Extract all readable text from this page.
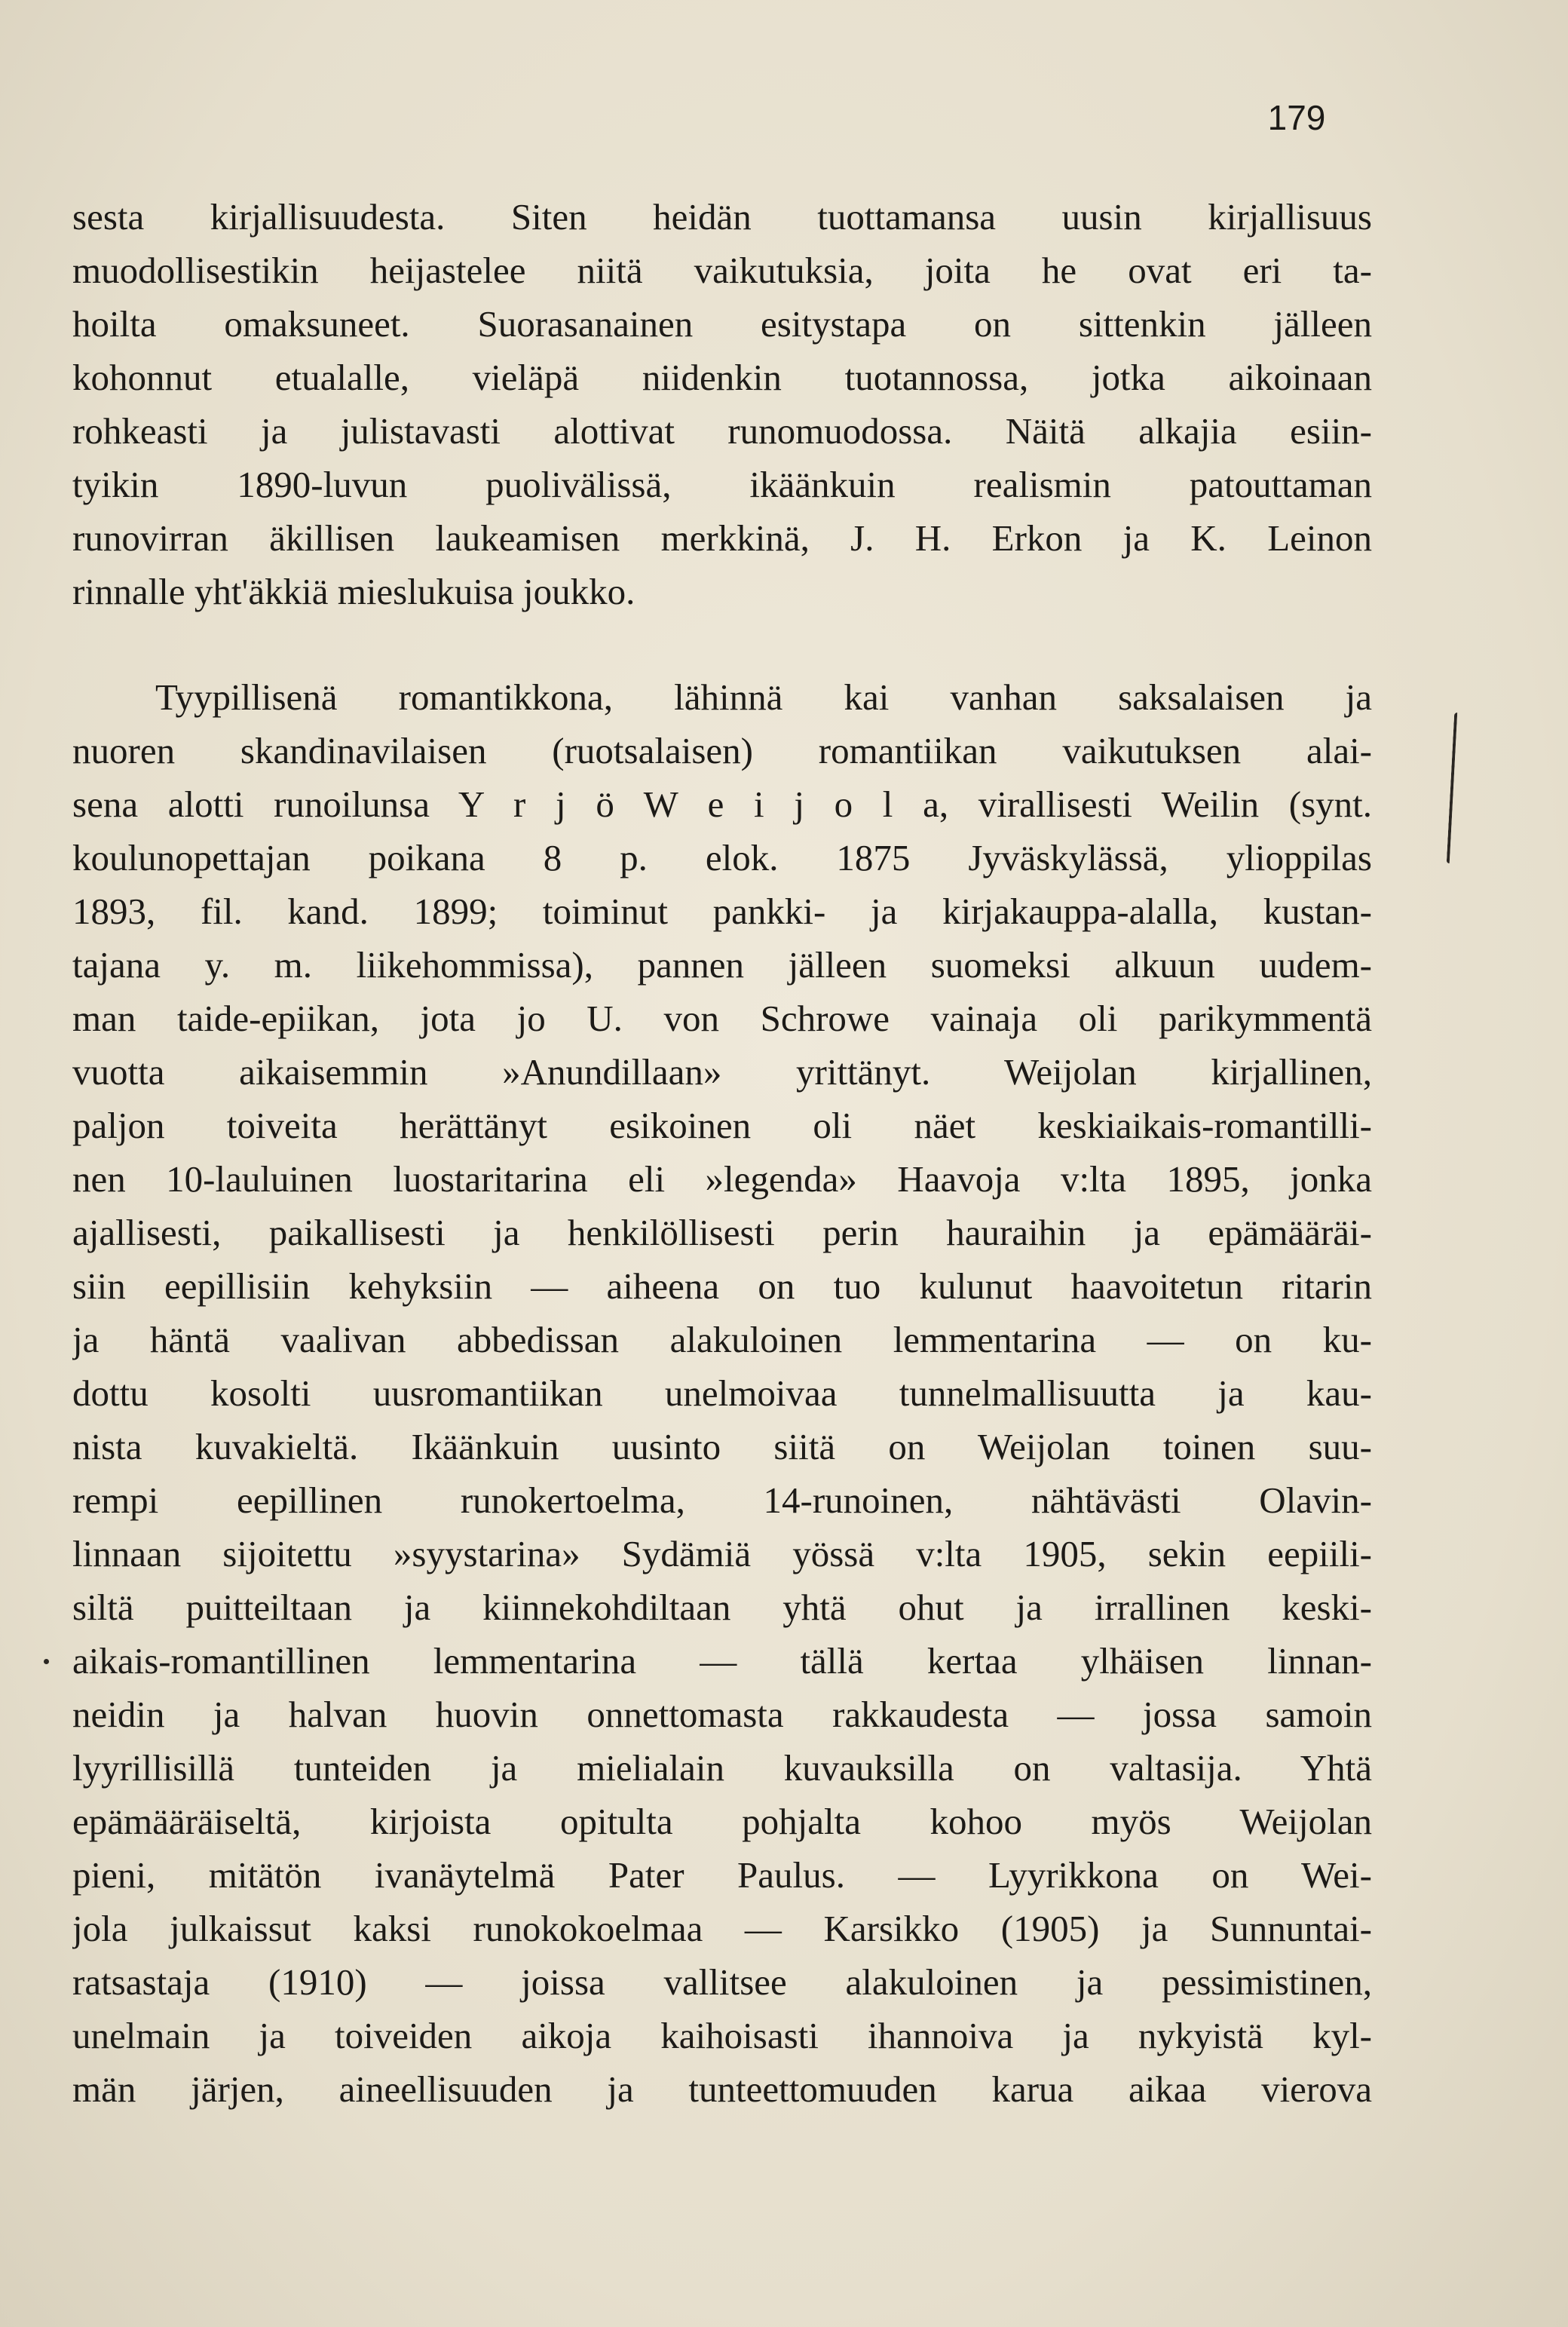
179
sesta kirjallisuudesta. Siten heidän tuottamansa uusin kirjallisuus
muodollisestikin heijastelee niitä vaikutuksia, joita he ovat eri ta-
hoilta omaksuneet. Suorasanainen esitystapa on sittenkin jälleen
kohonnut etualalle, vieläpä niidenkin tuotannossa, jotka aikoinaan
rohkeasti ja julistavasti alottivat runomuodossa. Näitä alkajia esiin-
tyikin 1890-luvun puolivälissä, ikäänkuin realismin patouttaman
runovirran äkillisen laukeamisen merkkinä, J. H. Erkon ja K. Leinon
rinnalle yht'äkkiä mieslukuisa joukko.
Tyypillisenä romantikkona, lähinnä kai vanhan saksalaisen ja
nuoren skandinavilaisen (ruotsalaisen) romantiikan vaikutuksen alai-
sena alotti runoilunsa Y r j ö W e i j o l a, virallisesti Weilin (synt.
koulunopettajan poikana 8 p. elok. 1875 Jyväskylässä, ylioppilas
1893, fil. kand. 1899; toiminut pankki- ja kirjakauppa-alalla, kustan-
tajana y. m. liikehommissa), pannen jälleen suomeksi alkuun uudem-
man taide-epiikan, jota jo U. von Schrowe vainaja oli parikymmentä
vuotta aikaisemmin »Anundillaan» yrittänyt. Weijolan kirjallinen,
paljon toiveita herättänyt esikoinen oli näet keskiaikais-romantilli-
nen 10-lauluinen luostaritarina eli »legenda» Haavoja v:lta 1895, jonka
ajallisesti, paikallisesti ja henkilöllisesti perin hauraihin ja epämääräi-
siin eepillisiin kehyksiin — aiheena on tuo kulunut haavoitetun ritarin
ja häntä vaalivan abbedissan alakuloinen lemmentarina — on ku-
dottu kosolti uusromantiikan unelmoivaa tunnelmallisuutta ja kau-
nista kuvakieltä. Ikäänkuin uusinto siitä on Weijolan toinen suu-
rempi eepillinen runokertoelma, 14-runoinen, nähtävästi Olavin-
linnaan sijoitettu »syystarina» Sydämiä yössä v:lta 1905, sekin eepiili-
siltä puitteiltaan ja kiinnekohdiltaan yhtä ohut ja irrallinen keski-
aikais-romantillinen lemmentarina — tällä kertaa ylhäisen linnan-
neidin ja halvan huovin onnettomasta rakkaudesta — jossa samoin
lyyrillisillä tunteiden ja mielialain kuvauksilla on valtasija. Yhtä
epämääräiseltä, kirjoista opitulta pohjalta kohoo myös Weijolan
pieni, mitätön ivanäytelmä Pater Paulus. — Lyyrikkona on Wei-
jola julkaissut kaksi runokokoelmaa — Karsikko (1905) ja Sunnuntai-
ratsastaja (1910) — joissa vallitsee alakuloinen ja pessimistinen,
unelmain ja toiveiden aikoja kaihoisasti ihannoiva ja nykyistä kyl-
män järjen, aineellisuuden ja tunteettomuuden karua aikaa vierova
